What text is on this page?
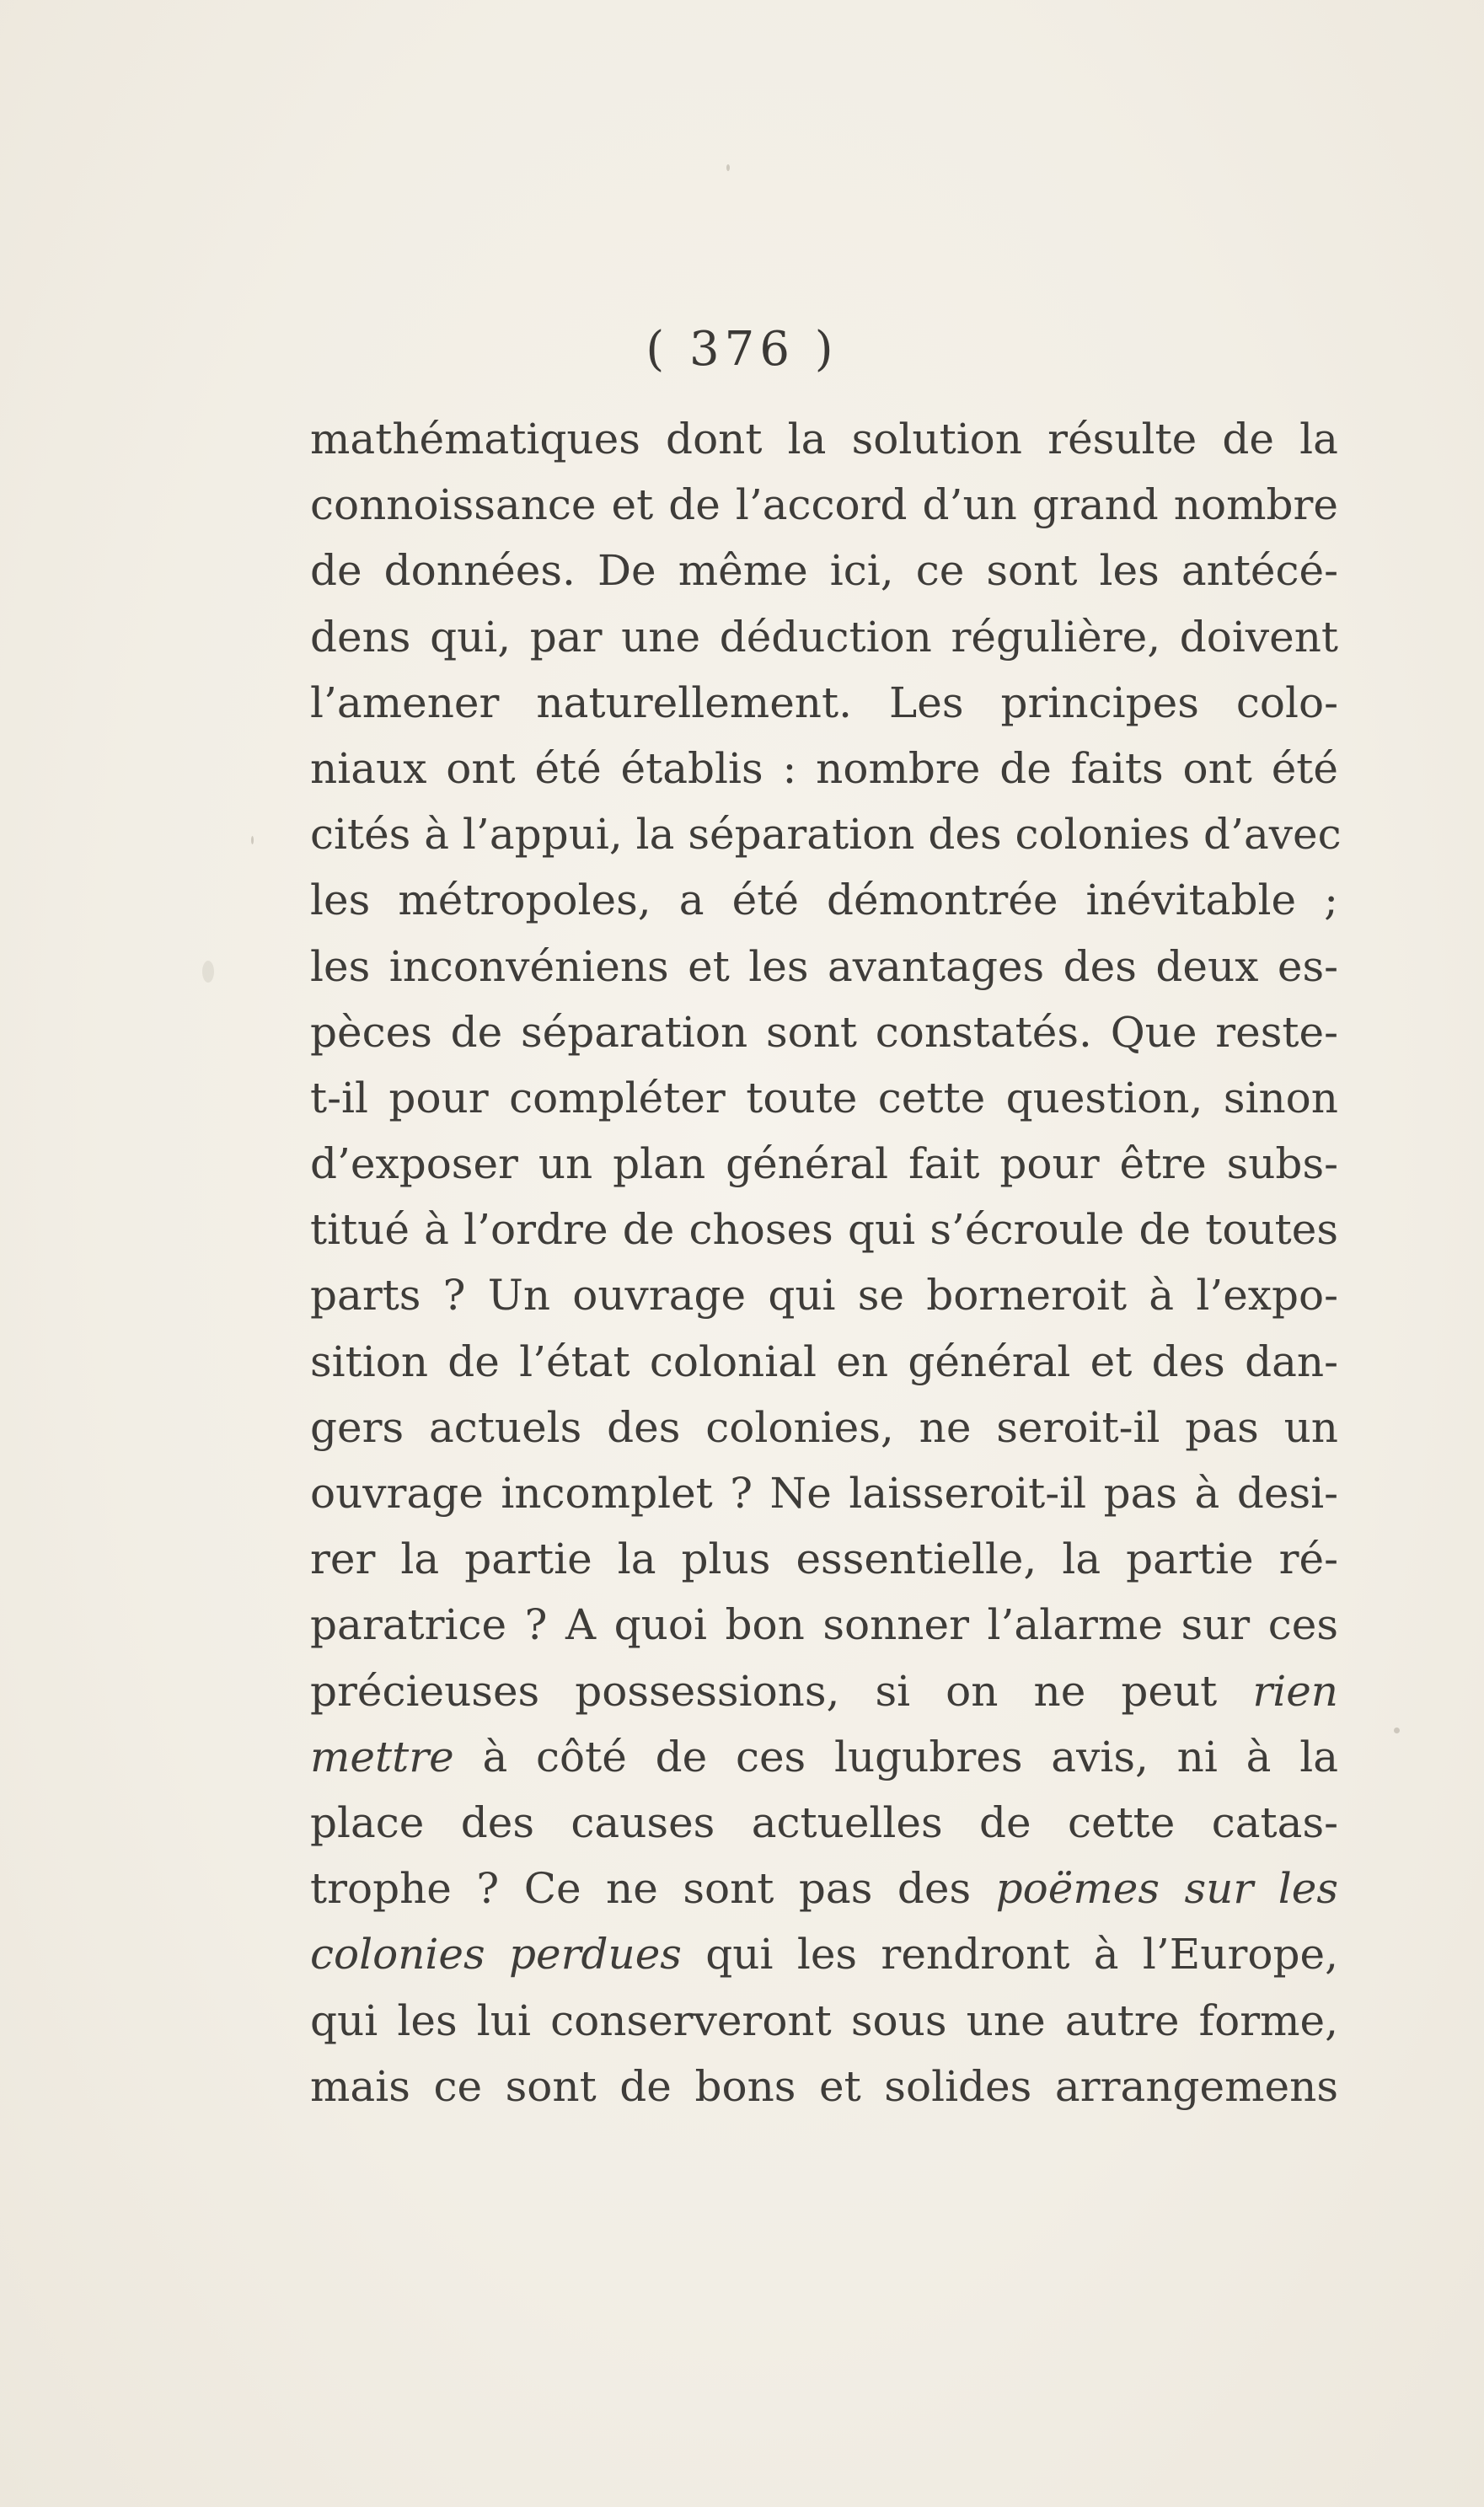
( 376 )
mathématiques dont la solution résulte de la
connoissance et de l’accord d’un grand nombre
de données. De même ici, ce sont les antécé-
dens qui, par une déduction régulière, doivent
l’amener naturellement. Les principes colo-
niaux ont été établis : nombre de faits ont été
cités à l’appui, la séparation des colonies d’avec
les métropoles, a été démontrée inévitable ;
les inconvéniens et les avantages des deux es-
pèces de séparation sont constatés. Que reste-
t-il pour compléter toute cette question, sinon
d’exposer un plan général fait pour être subs-
titué à l’ordre de choses qui s’écroule de toutes
parts ? Un ouvrage qui se borneroit à l’expo-
sition de l’état colonial en général et des dan-
gers actuels des colonies, ne seroit-il pas un
ouvrage incomplet ? Ne laisseroit-il pas à desi-
rer la partie la plus essentielle, la partie ré-
paratrice ? A quoi bon sonner l’alarme sur ces
précieuses possessions, si on ne peut rien
mettre à côté de ces lugubres avis, ni à la
place des causes actuelles de cette catas-
trophe ? Ce ne sont pas des poëmes sur les
colonies perdues qui les rendront à l’Europe,
qui les lui conserveront sous une autre forme,
mais ce sont de bons et solides arrangemens
